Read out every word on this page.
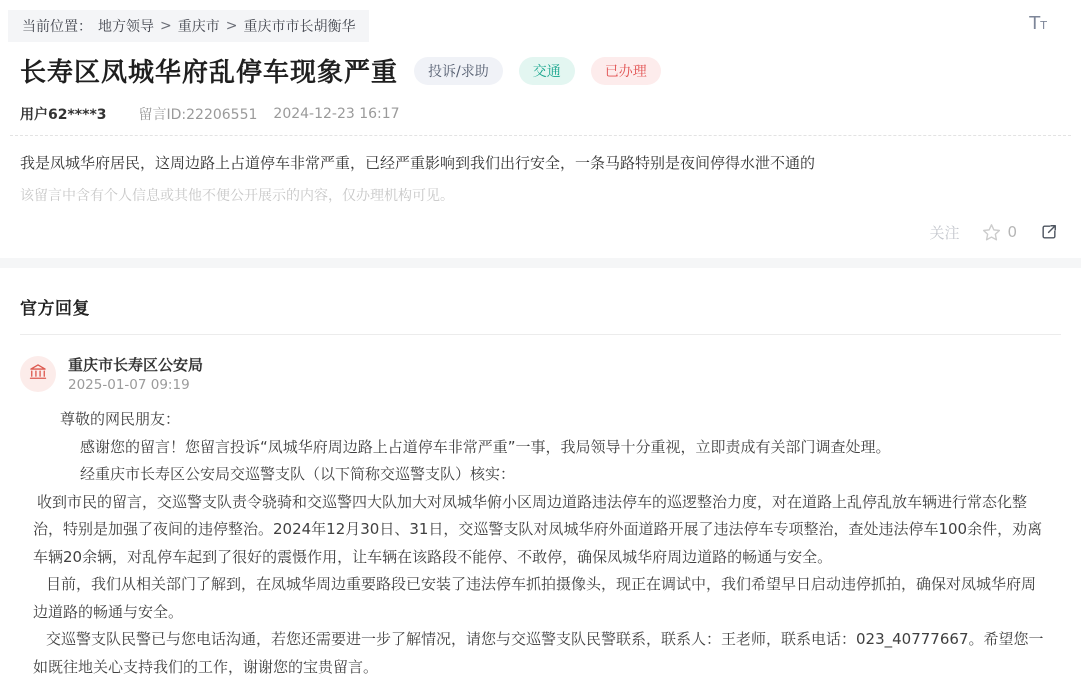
当前位置： 地方领导 > 重庆市 > 重庆市市长胡衡华	TT
长寿区凤城华府乱停车现象严重	投诉/求助	交通	已办理
用户62****3 留言ID:22206551 2024-12-23 16:17

我是凤城华府居民，这周边路上占道停车非常严重，已经严重影响到我们出行安全，一条马路特别是夜间停得水泄不通的

该留言中含有个人信息或其他不便公开展示的内容，仅办理机构可见。

关注	0
官方回复
重庆市长寿区公安局
2025-01-07 09:19

尊敬的网民朋友：

感谢您的留言！您留言投诉“凤城华府周边路上占道停车非常严重”一事，我局领导十分重视，立即责成有关部门调查处理。

经重庆市长寿区公安局交巡警支队（以下简称交巡警支队）核实：

收到市民的留言，交巡警支队责令骁骑和交巡警四大队加大对凤城华俯小区周边道路违法停车的巡逻整治力度，对在道路上乱停乱放车辆进行常态化整治，特别是加强了夜间的违停整治。2024年12月30日、31日，交巡警支队对凤城华府外面道路开展了违法停车专项整治，查处违法停车100余件，劝离车辆20余辆，对乱停车起到了很好的震慑作用，让车辆在该路段不能停、不敢停，确保凤城华府周边道路的畅通与安全。

目前，我们从相关部门了解到，在凤城华周边重要路段已安装了违法停车抓拍摄像头，现正在调试中，我们希望早日启动违停抓拍，确保对凤城华府周边道路的畅通与安全。

交巡警支队民警已与您电话沟通，若您还需要进一步了解情况，请您与交巡警支队民警联系，联系人：王老师，联系电话：023_40777667。希望您一如既往地关心支持我们的工作，谢谢您的宝贵留言。
